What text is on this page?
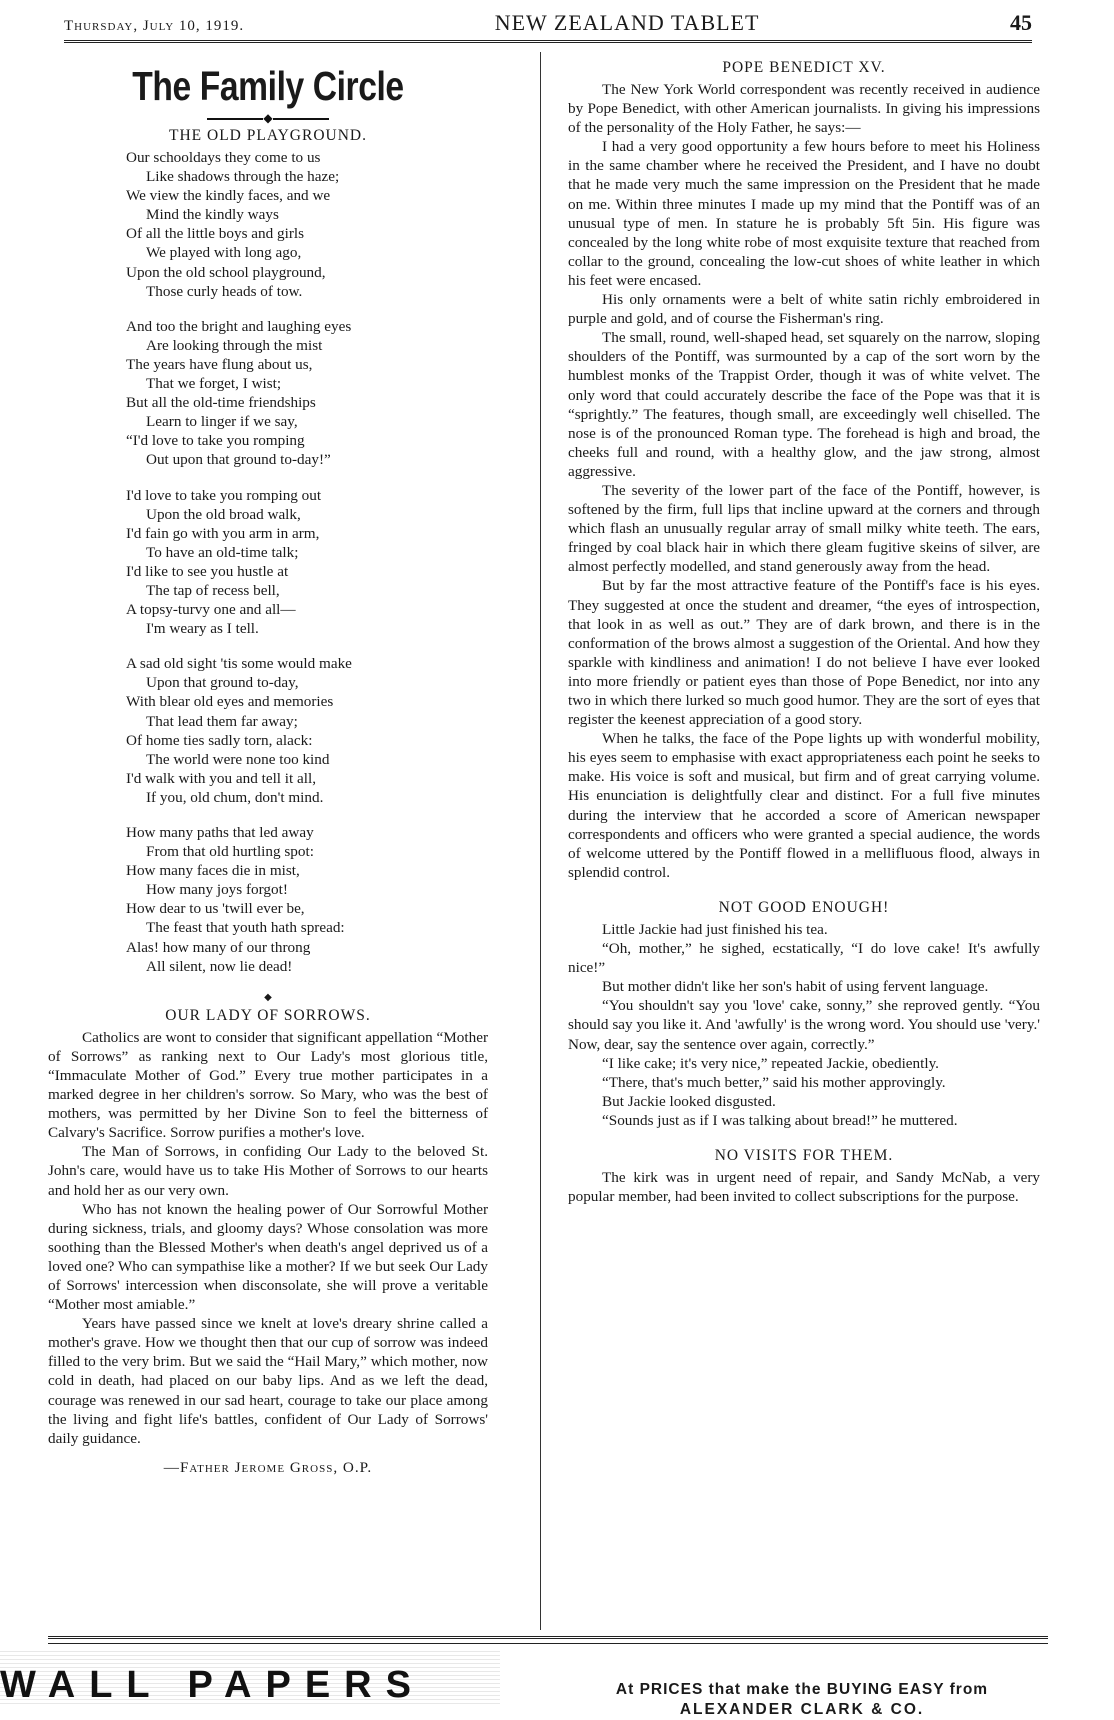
Thursday, July 10, 1919.	NEW ZEALAND TABLET	45
The Family Circle
◆
THE OLD PLAYGROUND.
Our schooldays they come to us
Like shadows through the haze;
We view the kindly faces, and we
Mind the kindly ways
Of all the little boys and girls
We played with long ago,
Upon the old school playground,
Those curly heads of tow.
And too the bright and laughing eyes
Are looking through the mist
The years have flung about us,
That we forget, I wist;
But all the old-time friendships
Learn to linger if we say,
“I'd love to take you romping
Out upon that ground to-day!”
I'd love to take you romping out
Upon the old broad walk,
I'd fain go with you arm in arm,
To have an old-time talk;
I'd like to see you hustle at
The tap of recess bell,
A topsy-turvy one and all—
I'm weary as I tell.
A sad old sight 'tis some would make
Upon that ground to-day,
With blear old eyes and memories
That lead them far away;
Of home ties sadly torn, alack:
The world were none too kind
I'd walk with you and tell it all,
If you, old chum, don't mind.
How many paths that led away
From that old hurtling spot:
How many faces die in mist,
How many joys forgot!
How dear to us 'twill ever be,
The feast that youth hath spread:
Alas! how many of our throng
All silent, now lie dead!
◆
OUR LADY OF SORROWS.

Catholics are wont to consider that significant appellation “Mother of Sorrows” as ranking next to Our Lady's most glorious title, “Immaculate Mother of God.” Every true mother participates in a marked degree in her children's sorrow. So Mary, who was the best of mothers, was permitted by her Divine Son to feel the bitterness of Calvary's Sacrifice. Sorrow purifies a mother's love.

The Man of Sorrows, in confiding Our Lady to the beloved St. John's care, would have us to take His Mother of Sorrows to our hearts and hold her as our very own.

Who has not known the healing power of Our Sorrowful Mother during sickness, trials, and gloomy days? Whose consolation was more soothing than the Blessed Mother's when death's angel deprived us of a loved one? Who can sympathise like a mother? If we but seek Our Lady of Sorrows' intercession when disconsolate, she will prove a veritable “Mother most amiable.”

Years have passed since we knelt at love's dreary shrine called a mother's grave. How we thought then that our cup of sorrow was indeed filled to the very brim. But we said the “Hail Mary,” which mother, now cold in death, had placed on our baby lips. And as we left the dead, courage was renewed in our sad heart, courage to take our place among the living and fight life's battles, confident of Our Lady of Sorrows' daily guidance.

—Father Jerome Gross, O.P.
POPE BENEDICT XV.

The New York World correspondent was recently received in audience by Pope Benedict, with other American journalists. In giving his impressions of the personality of the Holy Father, he says:—

I had a very good opportunity a few hours before to meet his Holiness in the same chamber where he received the President, and I have no doubt that he made very much the same impression on the President that he made on me. Within three minutes I made up my mind that the Pontiff was of an unusual type of men. In stature he is probably 5ft 5in. His figure was concealed by the long white robe of most exquisite texture that reached from collar to the ground, concealing the low-cut shoes of white leather in which his feet were encased.

His only ornaments were a belt of white satin richly embroidered in purple and gold, and of course the Fisherman's ring.

The small, round, well-shaped head, set squarely on the narrow, sloping shoulders of the Pontiff, was surmounted by a cap of the sort worn by the humblest monks of the Trappist Order, though it was of white velvet. The only word that could accurately describe the face of the Pope was that it is “sprightly.” The features, though small, are exceedingly well chiselled. The nose is of the pronounced Roman type. The forehead is high and broad, the cheeks full and round, with a healthy glow, and the jaw strong, almost aggressive.

The severity of the lower part of the face of the Pontiff, however, is softened by the firm, full lips that incline upward at the corners and through which flash an unusually regular array of small milky white teeth. The ears, fringed by coal black hair in which there gleam fugitive skeins of silver, are almost perfectly modelled, and stand generously away from the head.

But by far the most attractive feature of the Pontiff's face is his eyes. They suggested at once the student and dreamer, “the eyes of introspection, that look in as well as out.” They are of dark brown, and there is in the conformation of the brows almost a suggestion of the Oriental. And how they sparkle with kindliness and animation! I do not believe I have ever looked into more friendly or patient eyes than those of Pope Benedict, nor into any two in which there lurked so much good humor. They are the sort of eyes that register the keenest appreciation of a good story.

When he talks, the face of the Pope lights up with wonderful mobility, his eyes seem to emphasise with exact appropriateness each point he seeks to make. His voice is soft and musical, but firm and of great carrying volume. His enunciation is delightfully clear and distinct. For a full five minutes during the interview that he accorded a score of American newspaper correspondents and officers who were granted a special audience, the words of welcome uttered by the Pontiff flowed in a mellifluous flood, always in splendid control.

NOT GOOD ENOUGH!

Little Jackie had just finished his tea.

“Oh, mother,” he sighed, ecstatically, “I do love cake! It's awfully nice!”

But mother didn't like her son's habit of using fervent language.

“You shouldn't say you 'love' cake, sonny,” she reproved gently. “You should say you like it. And 'awfully' is the wrong word. You should use 'very.' Now, dear, say the sentence over again, correctly.”

“I like cake; it's very nice,” repeated Jackie, obediently.

“There, that's much better,” said his mother approvingly.

But Jackie looked disgusted.

“Sounds just as if I was talking about bread!” he muttered.

NO VISITS FOR THEM.

The kirk was in urgent need of repair, and Sandy McNab, a very popular member, had been invited to collect subscriptions for the purpose.

WALL PAPERS	At PRICES that make the BUYING EASY from
ALEXANDER CLARK & CO.
